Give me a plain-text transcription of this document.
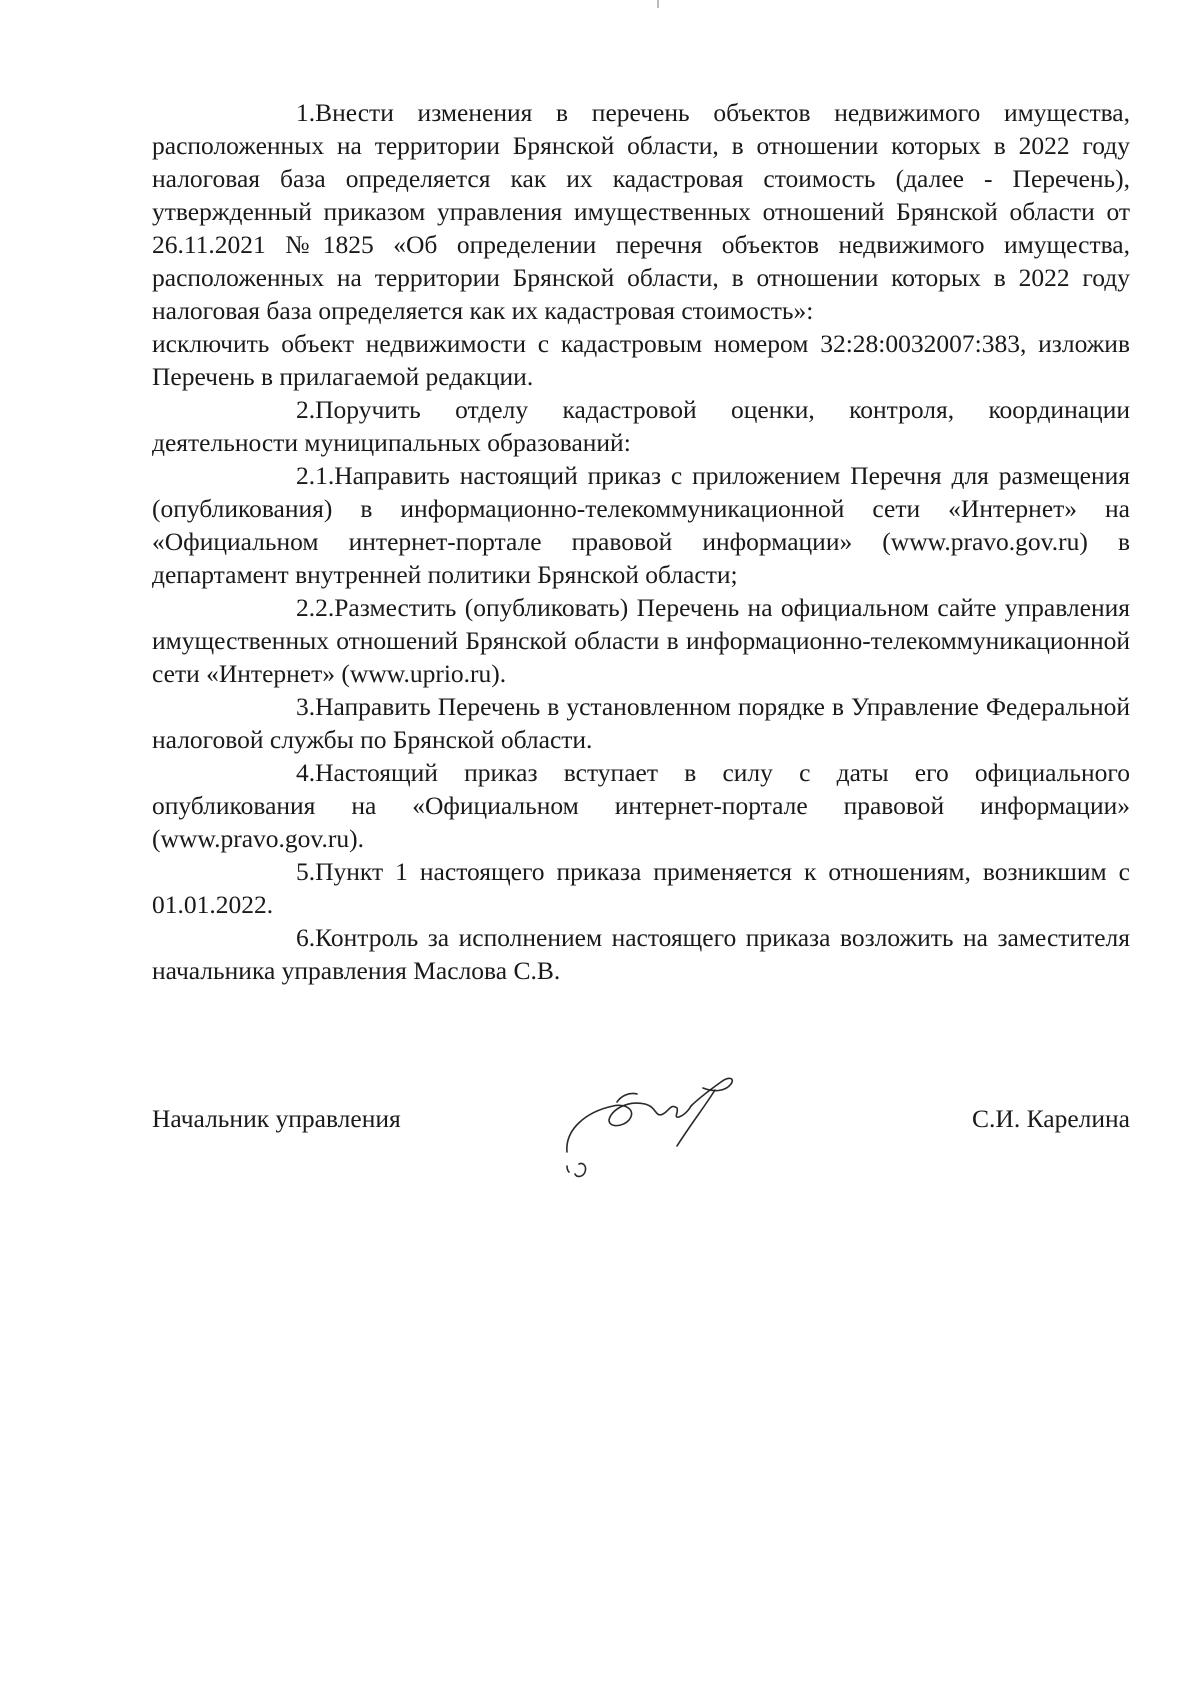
1.Внести изменения в перечень объектов недвижимого имущества, расположенных на территории Брянской области, в отношении которых в 2022 году налоговая база определяется как их кадастровая стоимость (далее - Перечень), утвержденный приказом управления имущественных отношений Брянской области от 26.11.2021 №1825 «Об определении перечня объектов недвижимого имущества, расположенных на территории Брянской области, в отношении которых в 2022 году налоговая база определяется как их кадастровая стоимость»:

исключить объект недвижимости с кадастровым номером 32:28:0032007:383, изложив Перечень в прилагаемой редакции.

2.Поручить отделу кадастровой оценки, контроля, координации деятельности муниципальных образований:

2.1.Направить настоящий приказ с приложением Перечня для размещения (опубликования) в информационно-телекоммуникационной сети «Интернет» на «Официальном интернет-портале правовой информации» (www.pravo.gov.ru) в департамент внутренней политики Брянской области;

2.2.Разместить (опубликовать) Перечень на официальном сайте управления имущественных отношений Брянской области в информационно-телекоммуникационной сети «Интернет» (www.uprio.ru).

3.Направить Перечень в установленном порядке в Управление Федеральной налоговой службы по Брянской области.

4.Настоящий приказ вступает в силу с даты его официального опубликования на «Официальном интернет-портале правовой информации» (www.pravo.gov.ru).

5.Пункт 1 настоящего приказа применяется к отношениям, возникшим с 01.01.2022.

6.Контроль за исполнением настоящего приказа возложить на заместителя начальника управления Маслова С.В.

Начальник управления	С.И. Карелина
